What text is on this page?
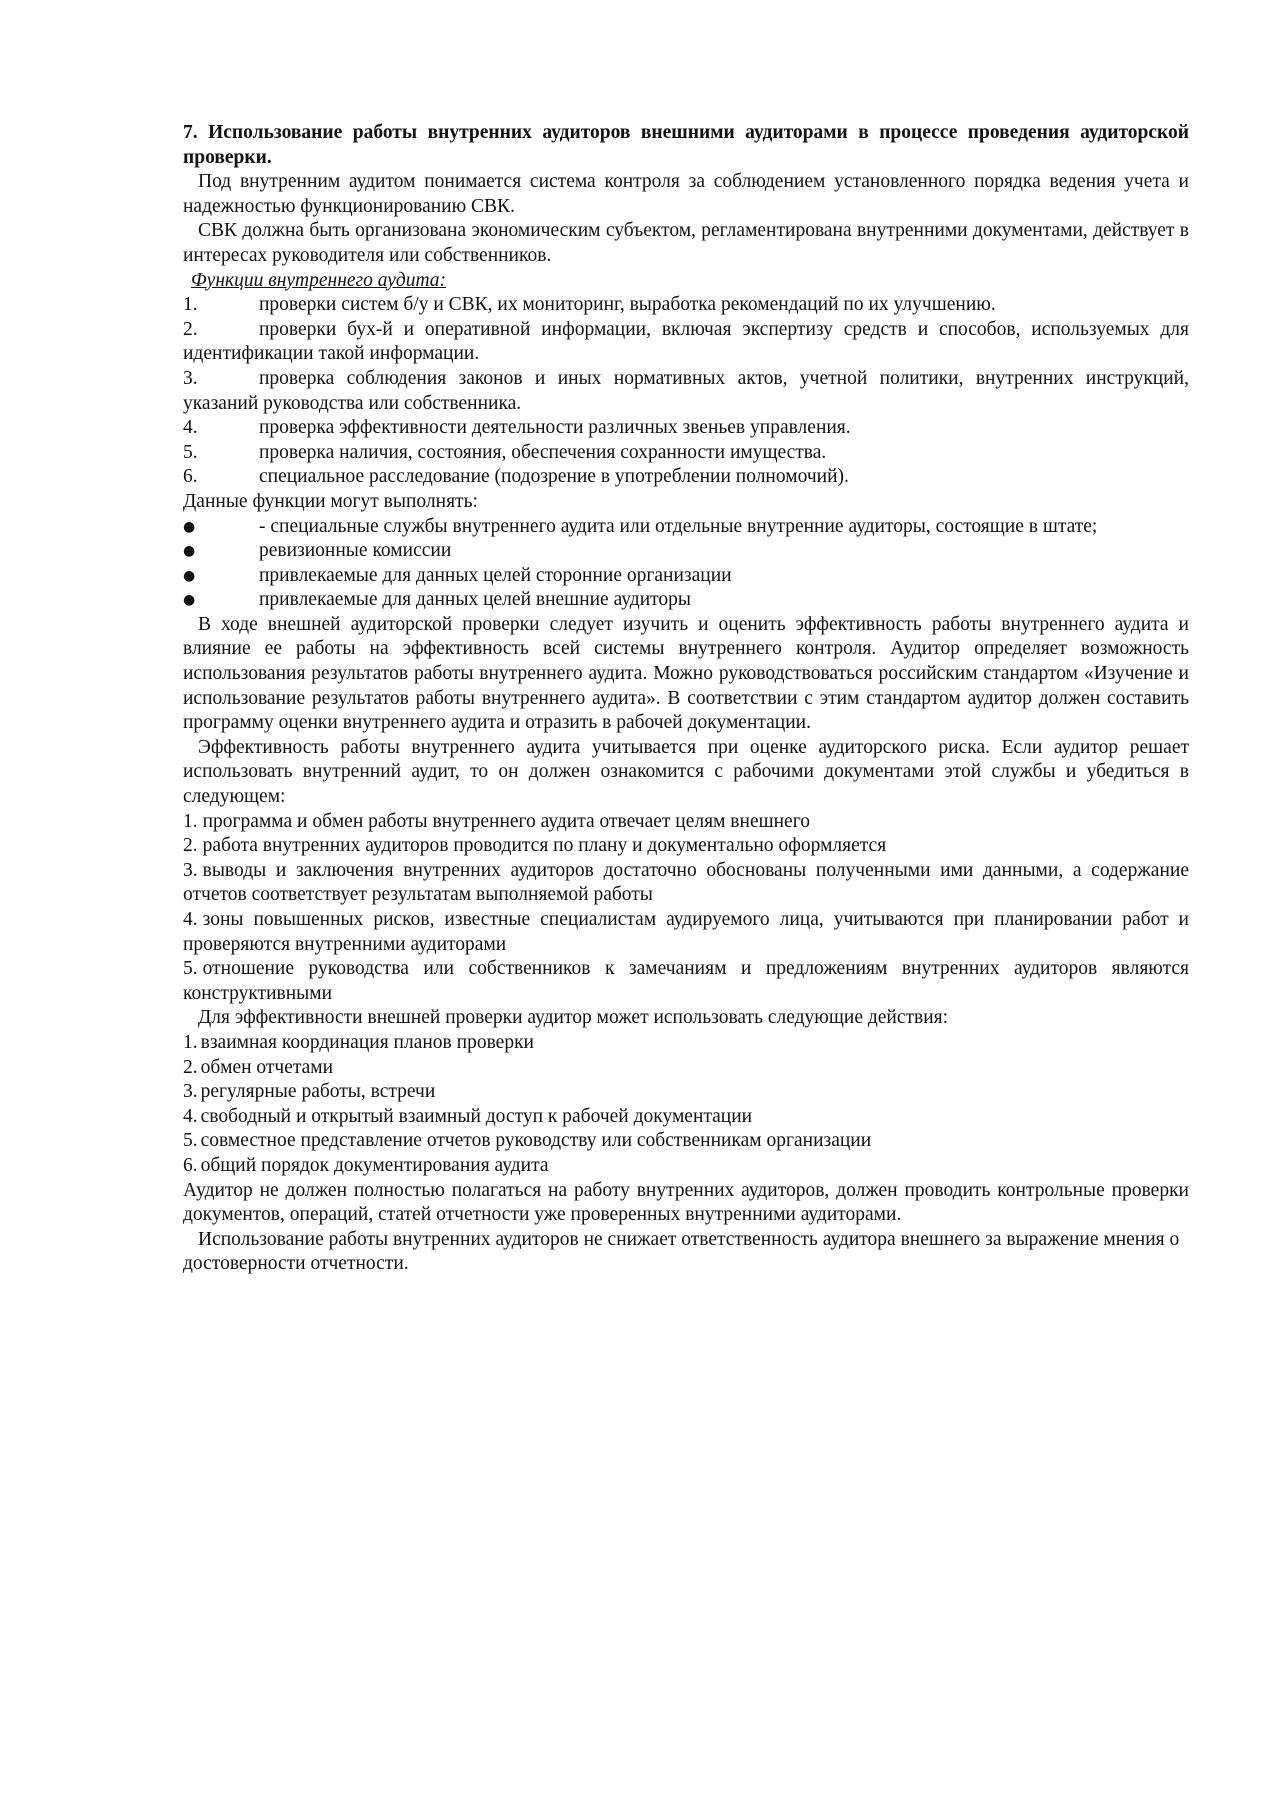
7. Использование работы внутренних аудиторов внешними аудиторами в процессе проведения аудиторской проверки.

Под внутренним аудитом понимается система контроля за соблюдением установленного порядка ведения учета и надежностью функционированию СВК.

СВК должна быть организована экономическим субъектом, регламентирована внутренними документами, действует в интересах руководителя или собственников.

Функции внутреннего аудита:

1.	проверки систем б/у и СВК, их мониторинг, выработка рекомендаций по их улучшению.

2.	проверки бух-й и оперативной информации, включая экспертизу средств и способов, используемых для идентификации такой информации.

3.	проверка соблюдения законов и иных нормативных актов, учетной политики, внутренних инструкций, указаний руководства или собственника.

4.	проверка эффективности деятельности различных звеньев управления.

5.	проверка наличия, состояния, обеспечения сохранности имущества.

6.	специальное расследование (подозрение в употреблении полномочий).

Данные функции могут выполнять:

●	- специальные службы внутреннего аудита или отдельные внутренние аудиторы, состоящие в штате;

●	ревизионные комиссии

●	привлекаемые для данных целей сторонние организации

●	привлекаемые для данных целей внешние аудиторы

В ходе внешней аудиторской проверки следует изучить и оценить эффективность работы внутреннего аудита и влияние ее работы на эффективность всей системы внутреннего контроля. Аудитор определяет возможность использования результатов работы внутреннего аудита. Можно руководствоваться российским стандартом «Изучение и использование результатов работы внутреннего аудита». В соответствии с этим стандартом аудитор должен составить программу оценки внутреннего аудита и отразить в рабочей документации.

Эффективность работы внутреннего аудита учитывается при оценке аудиторского риска. Если аудитор решает использовать внутренний аудит, то он должен ознакомится с рабочими документами этой службы и убедиться в следующем:

1. программа и обмен работы внутреннего аудита отвечает целям внешнего

2. работа внутренних аудиторов проводится по плану и документально оформляется

3. выводы и заключения внутренних аудиторов достаточно обоснованы полученными ими данными, а содержание отчетов соответствует результатам выполняемой работы

4. зоны повышенных рисков, известные специалистам аудируемого лица, учитываются при планировании работ и проверяются внутренними аудиторами

5. отношение руководства или собственников к замечаниям и предложениям внутренних аудиторов являются конструктивными

Для эффективности внешней проверки аудитор может использовать следующие действия:

1. взаимная координация планов проверки

2. обмен отчетами

3. регулярные работы, встречи

4. свободный и открытый взаимный доступ к рабочей документации

5. совместное представление отчетов руководству или собственникам организации

6. общий порядок документирования аудита

Аудитор не должен полностью полагаться на работу внутренних аудиторов, должен проводить контрольные проверки документов, операций, статей отчетности уже проверенных внутренними аудиторами.

Использование работы внутренних аудиторов не снижает ответственность аудитора внешнего за выражение мнения о достоверности отчетности.
